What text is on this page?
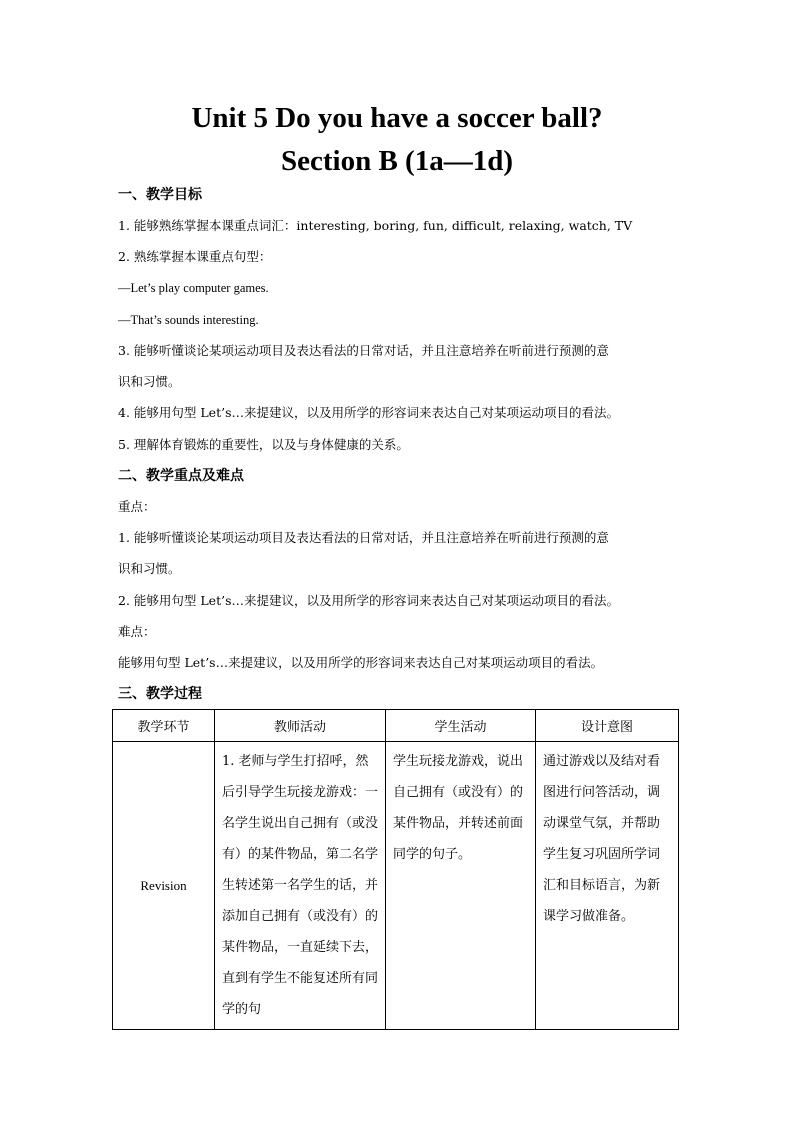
Unit 5 Do you have a soccer ball?
Section B (1a—1d)
一、教学目标
1. 能够熟练掌握本课重点词汇：interesting, boring, fun, difficult, relaxing, watch, TV
2. 熟练掌握本课重点句型：
—Let’s play computer games.
—That’s sounds interesting.
3. 能够听懂谈论某项运动项目及表达看法的日常对话，并且注意培养在听前进行预测的意
识和习惯。
4. 能够用句型 Let’s…来提建议，以及用所学的形容词来表达自己对某项运动项目的看法。
5. 理解体育锻炼的重要性，以及与身体健康的关系。
二、教学重点及难点
重点：
1. 能够听懂谈论某项运动项目及表达看法的日常对话，并且注意培养在听前进行预测的意
识和习惯。
2. 能够用句型 Let’s…来提建议，以及用所学的形容词来表达自己对某项运动项目的看法。
难点：
能够用句型 Let’s…来提建议，以及用所学的形容词来表达自己对某项运动项目的看法。
三、教学过程
教学环节	教师活动	学生活动	设计意图
Revision	1. 老师与学生打招呼，然后引导学生玩接龙游戏：一名学生说出自己拥有（或没有）的某件物品，第二名学生转述第一名学生的话，并添加自己拥有（或没有）的某件物品，一直延续下去，直到有学生不能复述所有同学的句	学生玩接龙游戏，说出自己拥有（或没有）的某件物品，并转述前面同学的句子。	通过游戏以及结对看图进行问答活动，调动课堂气氛，并帮助学生复习巩固所学词汇和目标语言，为新课学习做准备。
